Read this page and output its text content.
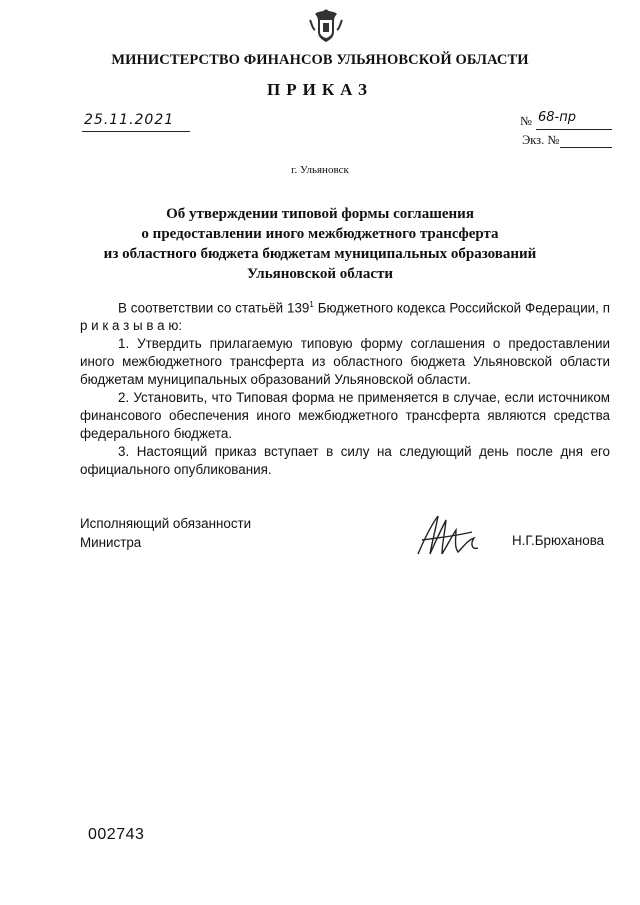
МИНИСТЕРСТВО ФИНАНСОВ УЛЬЯНОВСКОЙ ОБЛАСТИ
ПРИКАЗ
25.11.2021	№ 68-пр
Экз. №
г. Ульяновск
Об утверждении типовой формы соглашения
о предоставлении иного межбюджетного трансферта
из областного бюджета бюджетам муниципальных образований
Ульяновской области

В соответствии со статьёй $139^1$ Бюджетного кодекса Российской Федерации, п р и к а з ы в а ю:

1. Утвердить прилагаемую типовую форму соглашения о предоставлении иного межбюджетного трансферта из областного бюджета Ульяновской области бюджетам муниципальных образований Ульяновской области.

2. Установить, что Типовая форма не применяется в случае, если источником финансового обеспечения иного межбюджетного трансферта являются средства федерального бюджета.

3. Настоящий приказ вступает в силу на следующий день после дня его официального опубликования.

Исполняющий обязанности
Министра	Н.Г.Брюханова
002743
